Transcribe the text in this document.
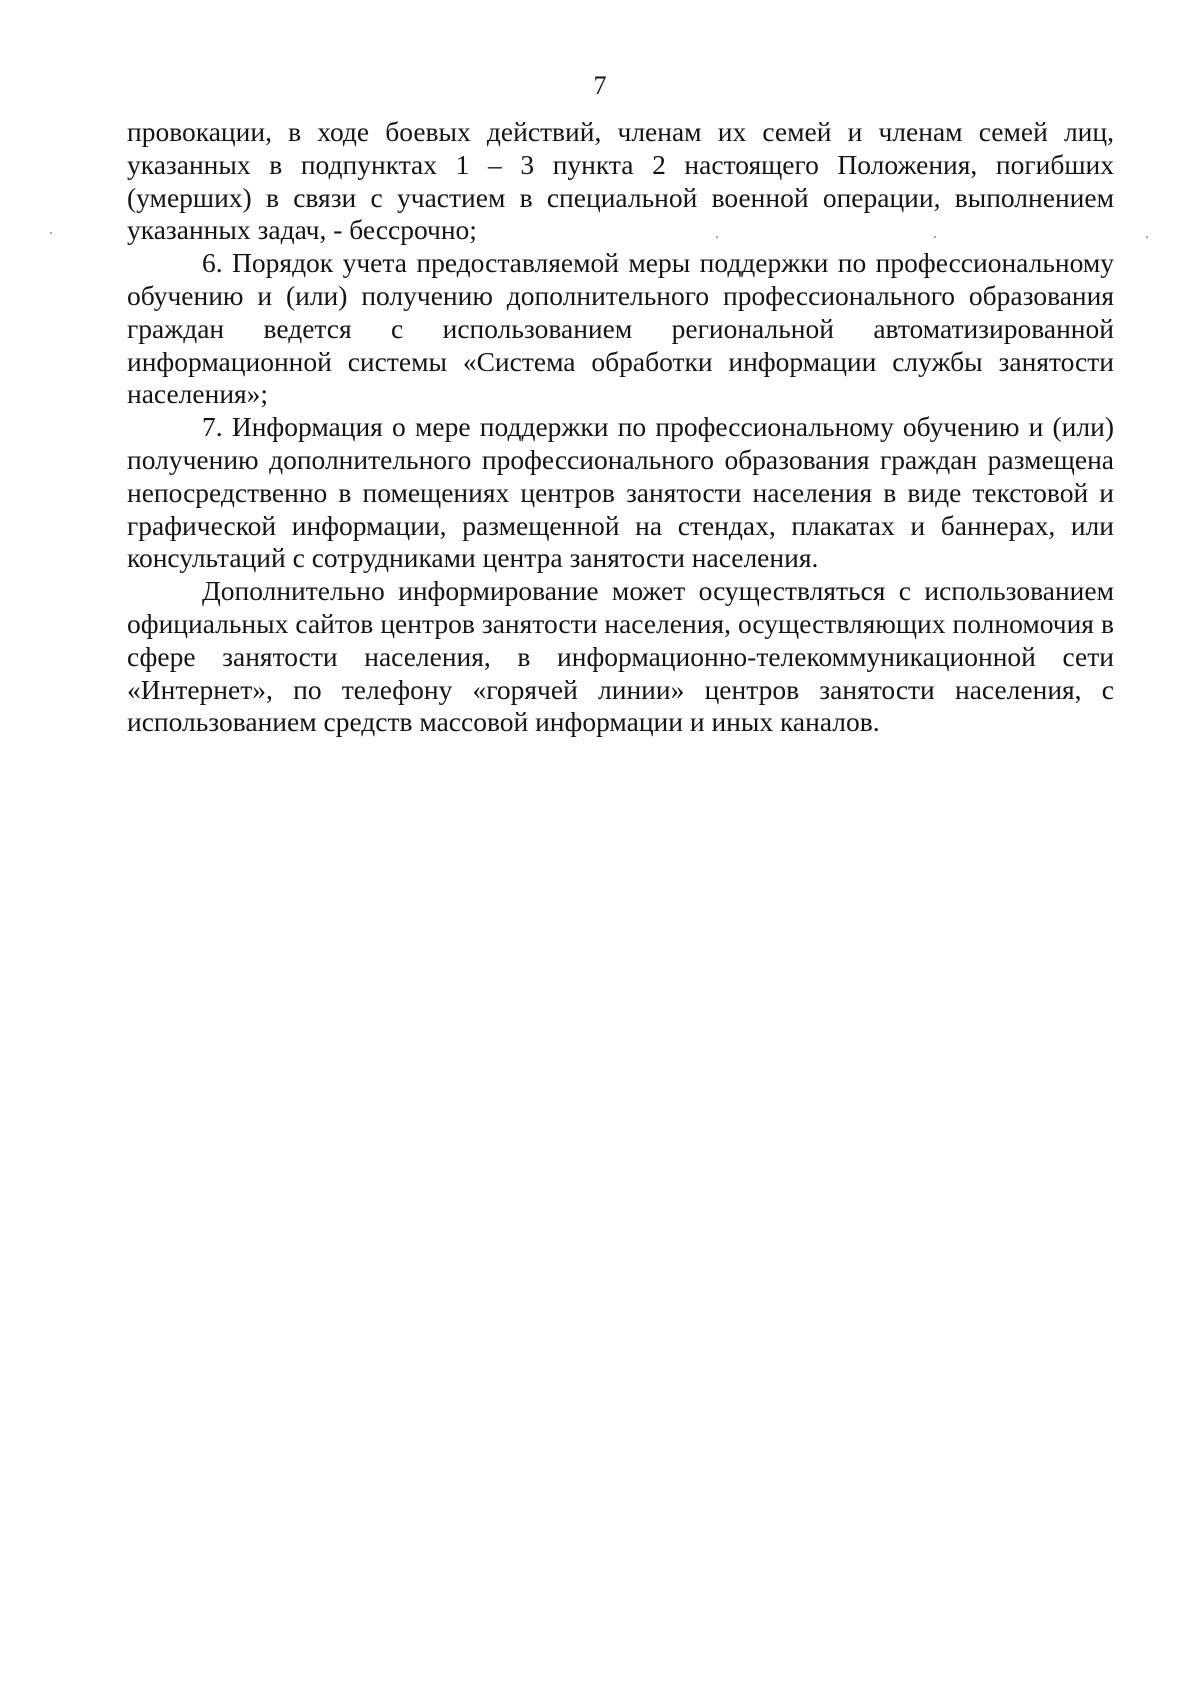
7

провокации, в ходе боевых действий, членам их семей и членам семей лиц, указанных в подпунктах 1 – 3 пункта 2 настоящего Положения, погибших (умерших) в связи с участием в специальной военной операции, выполнением указанных задач, - бессрочно;

6. Порядок учета предоставляемой меры поддержки по профессиональному обучению и (или) получению дополнительного профессионального образования граждан ведется с использованием региональной автоматизированной информационной системы «Система обработки информации службы занятости населения»;

7. Информация о мере поддержки по профессиональному обучению и (или) получению дополнительного профессионального образования граждан размещена непосредственно в помещениях центров занятости населения в виде текстовой и графической информации, размещенной на стендах, плакатах и баннерах, или консультаций с сотрудниками центра занятости населения.

Дополнительно информирование может осуществляться с использованием официальных сайтов центров занятости населения, осуществляющих полномочия в сфере занятости населения, в информационно-телекоммуникационной сети «Интернет», по телефону «горячей линии» центров занятости населения, с использованием средств массовой информации и иных каналов.
